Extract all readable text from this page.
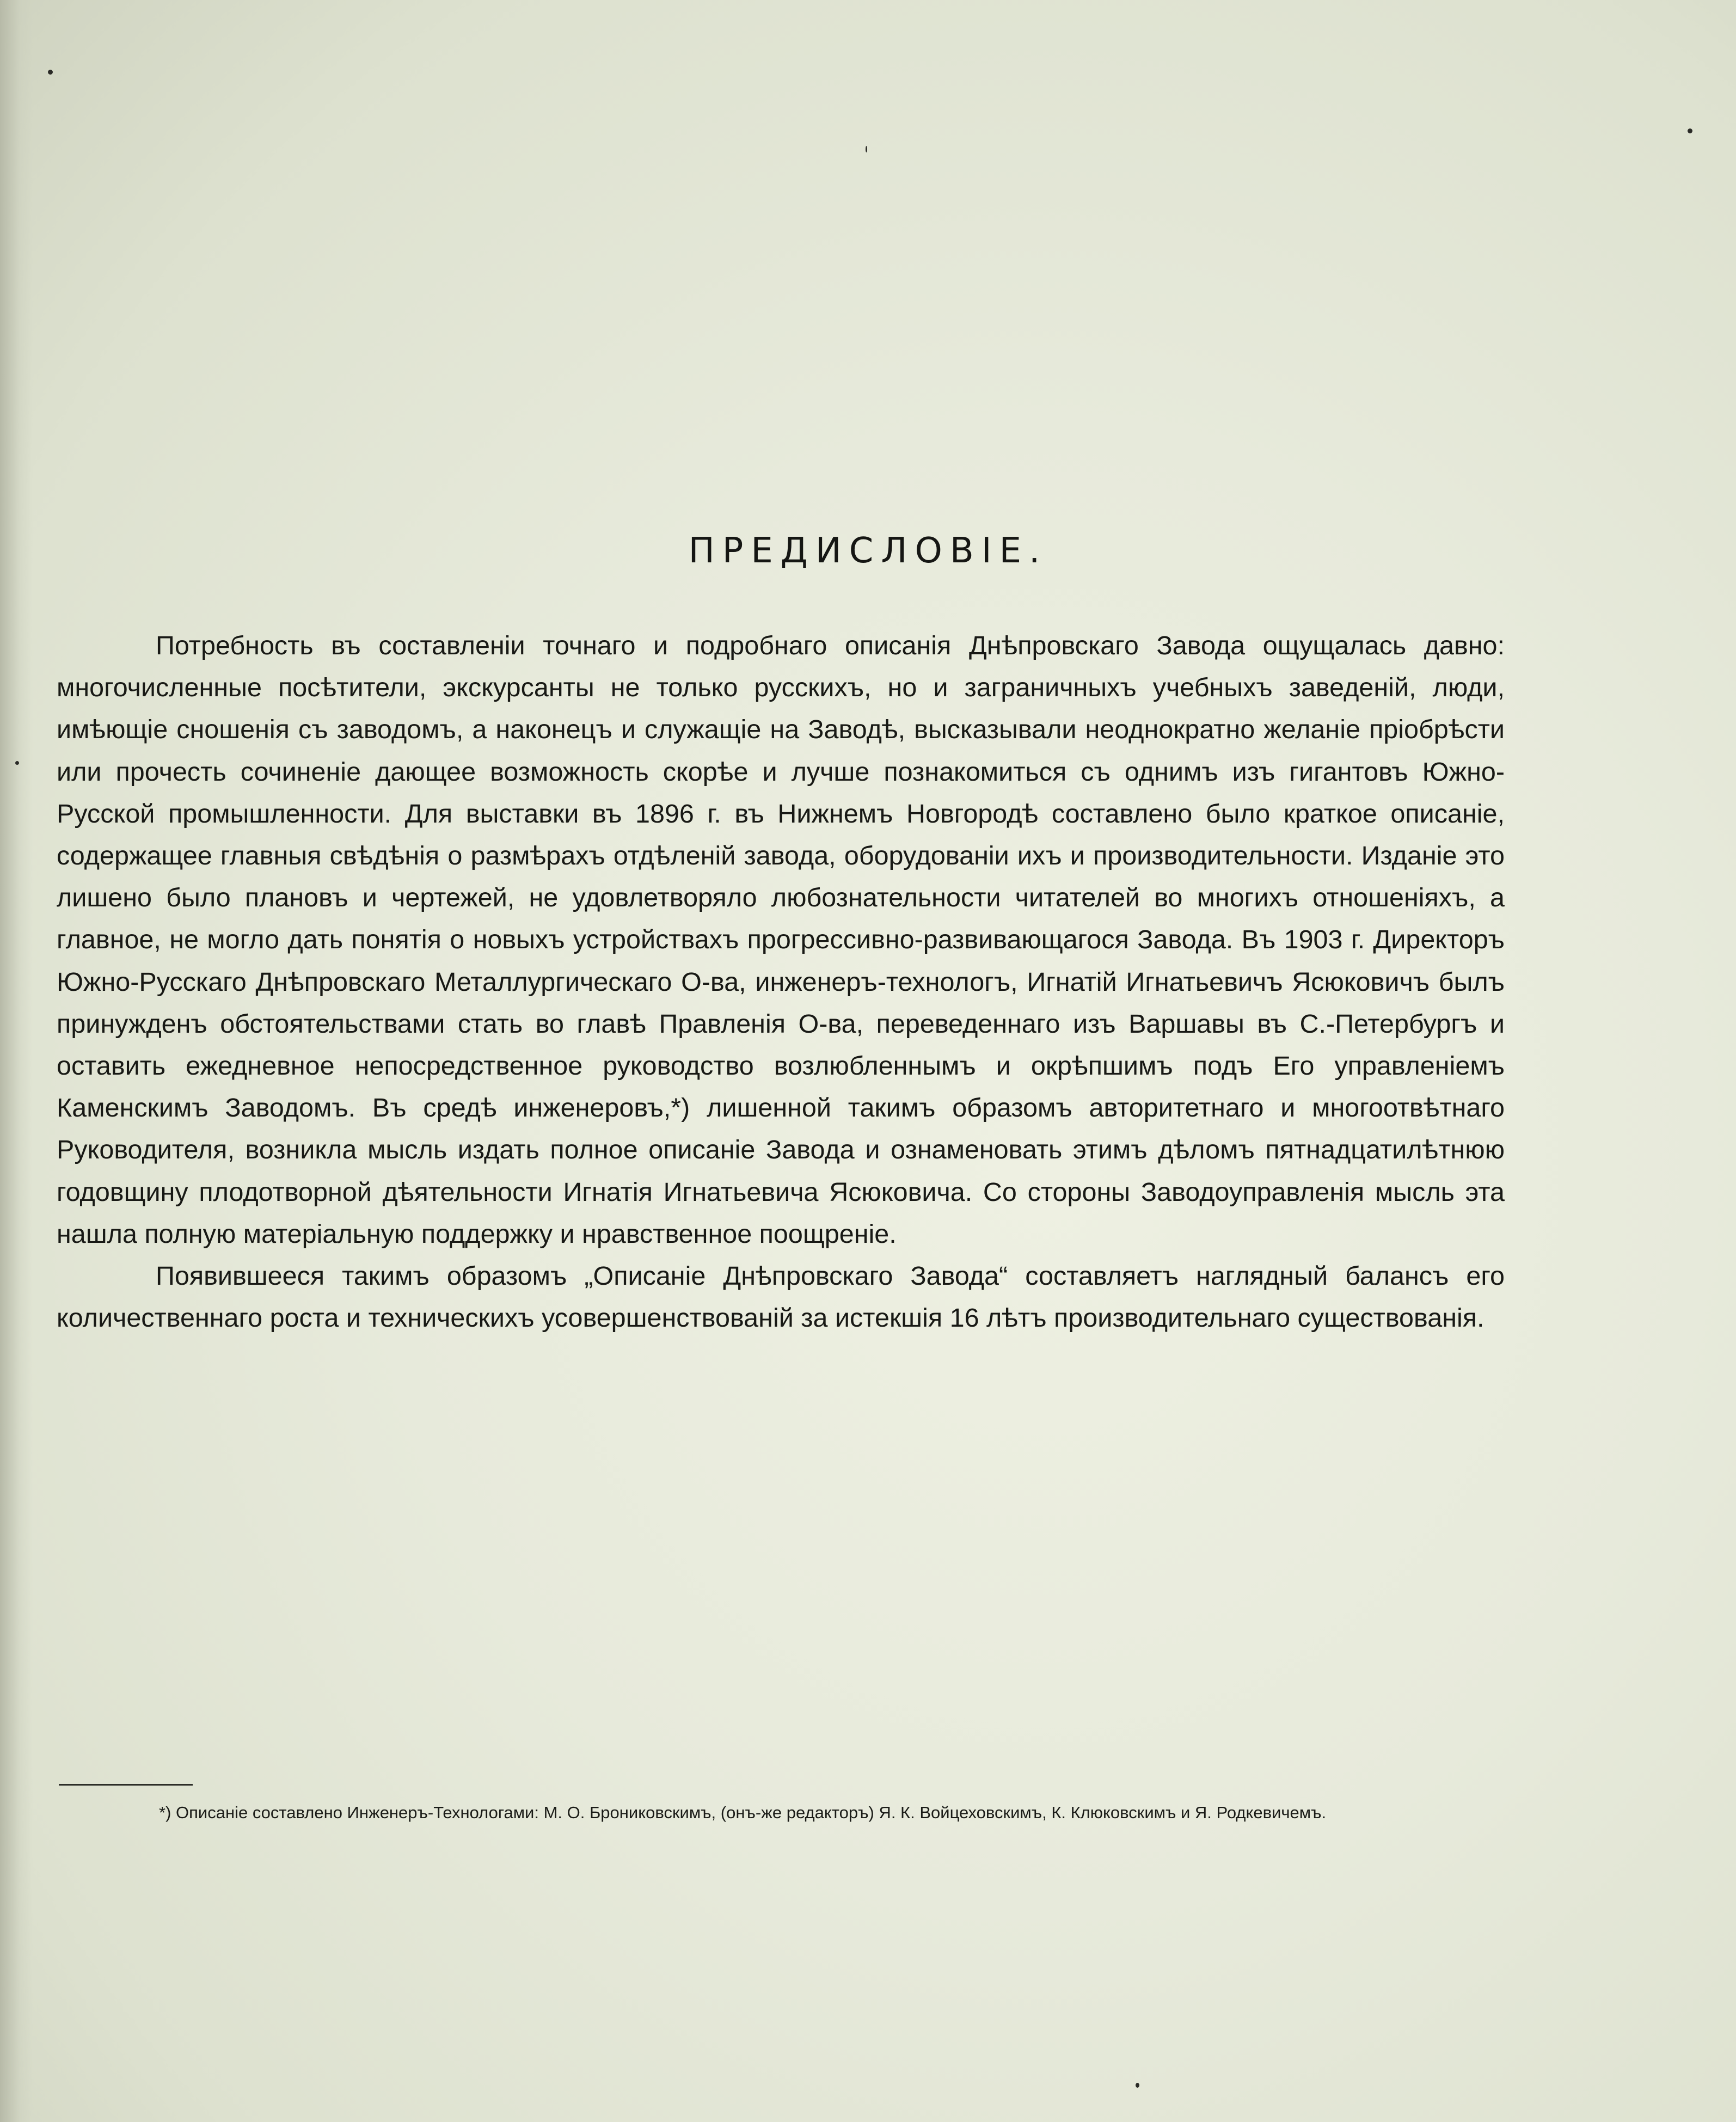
ПРЕДИСЛОВІЕ.

Потребность въ составленіи точнаго и подробнаго описанія Днѣпровскаго Завода ощущалась давно: многочисленные посѣтители, экскурсанты не только русскихъ, но и заграничныхъ учебныхъ заведеній, люди, имѣющіе сношенія съ заводомъ, а наконецъ и служащіе на Заводѣ, высказывали неоднократно желаніе пріобрѣсти или прочесть сочиненіе дающее возможность скорѣе и лучше познакомиться съ однимъ изъ гигантовъ Южно-Русской промышленности. Для выставки въ 1896 г. въ Нижнемъ Новгородѣ составлено было краткое описаніе, содержащее главныя свѣдѣнія о размѣрахъ отдѣленій завода, оборудованіи ихъ и производительности. Изданіе это лишено было плановъ и чертежей, не удовлетворяло любознательности читателей во многихъ отношеніяхъ, а главное, не могло дать понятія о новыхъ устройствахъ прогрессивно-развивающагося Завода. Въ 1903 г. Директоръ Южно-Русскаго Днѣпровскаго Металлургическаго О-ва, инженеръ-технологъ, Игнатій Игнатьевичъ Ясюковичъ былъ принужденъ обстоятельствами стать во главѣ Правленія О-ва, переведеннаго изъ Варшавы въ С.-Петербургъ и оставить ежедневное непосредственное руководство возлюбленнымъ и окрѣпшимъ подъ Его управленіемъ Каменскимъ Заводомъ. Въ средѣ инженеровъ,*) лишенной такимъ образомъ авторитетнаго и многоотвѣтнаго Руководителя, возникла мысль издать полное описаніе Завода и ознаменовать этимъ дѣломъ пятнадцатилѣтнюю годовщину плодотворной дѣятельности Игнатія Игнатьевича Ясюковича. Со стороны Заводоуправленія мысль эта нашла полную матеріальную поддержку и нравственное поощреніе.

Появившееся такимъ образомъ „Описаніе Днѣпровскаго Завода“ составляетъ наглядный балансъ его количественнаго роста и техническихъ усовершенствованій за истекшія 16 лѣтъ производительнаго существованія.

*) Описаніе составлено Инженеръ-Технологами: М. О. Брониковскимъ, (онъ-же редакторъ) Я. К. Войцеховскимъ, К. Клюковскимъ и Я. Родкевичемъ.
